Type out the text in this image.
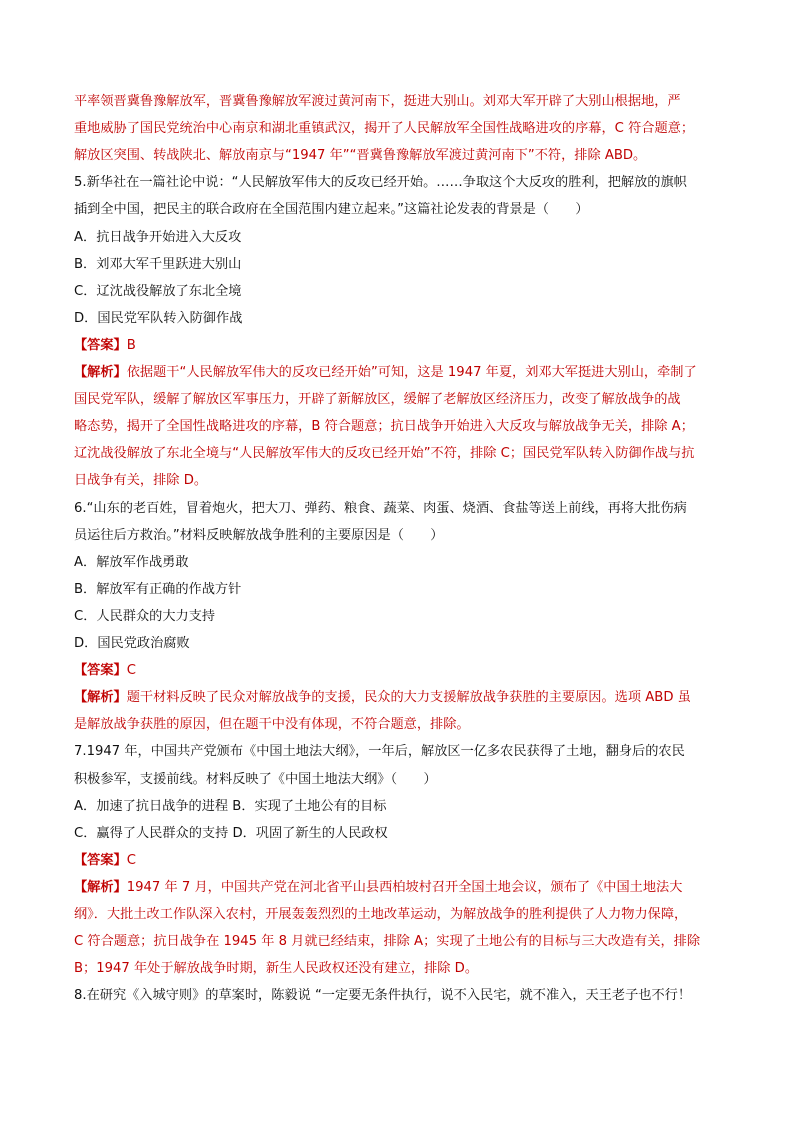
平率领晋冀鲁豫解放军，晋冀鲁豫解放军渡过黄河南下，挺进大别山。刘邓大军开辟了大别山根据地，严
重地威胁了国民党统治中心南京和湖北重镇武汉，揭开了人民解放军全国性战略进攻的序幕，C 符合题意；
解放区突围、转战陕北、解放南京与“1947 年”“晋冀鲁豫解放军渡过黄河南下”不符，排除 ABD。
5.新华社在一篇社论中说：“人民解放军伟大的反攻已经开始。……争取这个大反攻的胜利，把解放的旗帜
插到全中国，把民主的联合政府在全国范围内建立起来。”这篇社论发表的背景是（　　）
A．抗日战争开始进入大反攻
B．刘邓大军千里跃进大别山
C．辽沈战役解放了东北全境
D．国民党军队转入防御作战
【答案】B
【解析】依据题干“人民解放军伟大的反攻已经开始”可知，这是 1947 年夏，刘邓大军挺进大别山，牵制了
国民党军队，缓解了解放区军事压力，开辟了新解放区，缓解了老解放区经济压力，改变了解放战争的战
略态势，揭开了全国性战略进攻的序幕，B 符合题意；抗日战争开始进入大反攻与解放战争无关，排除 A；
辽沈战役解放了东北全境与“人民解放军伟大的反攻已经开始”不符，排除 C；国民党军队转入防御作战与抗
日战争有关，排除 D。
6.“山东的老百姓，冒着炮火，把大刀、弹药、粮食、蔬菜、肉蛋、烧酒、食盐等送上前线，再将大批伤病
员运往后方救治。”材料反映解放战争胜利的主要原因是（　　）
A．解放军作战勇敢
B．解放军有正确的作战方针
C．人民群众的大力支持
D．国民党政治腐败
【答案】C
【解析】题干材料反映了民众对解放战争的支援，民众的大力支援解放战争获胜的主要原因。选项 ABD 虽
是解放战争获胜的原因，但在题干中没有体现，不符合题意，排除。
7.1947 年，中国共产党颁布《中国土地法大纲》，一年后，解放区一亿多农民获得了土地，翻身后的农民
积极参军，支援前线。材料反映了《中国土地法大纲》（　　）
A．加速了抗日战争的进程 B．实现了土地公有的目标
C．赢得了人民群众的支持 D．巩固了新生的人民政权
【答案】C
【解析】1947 年 7 月，中国共产党在河北省平山县西柏坡村召开全国土地会议，颁布了《中国土地法大
纲》．大批土改工作队深入农村，开展轰轰烈烈的土地改革运动，为解放战争的胜利提供了人力物力保障，
C 符合题意；抗日战争在 1945 年 8 月就已经结束，排除 A；实现了土地公有的目标与三大改造有关，排除
B；1947 年处于解放战争时期，新生人民政权还没有建立，排除 D。
8.在研究《入城守则》的草案时，陈毅说 “一定要无条件执行，说不入民宅，就不准入，天王老子也不行！
